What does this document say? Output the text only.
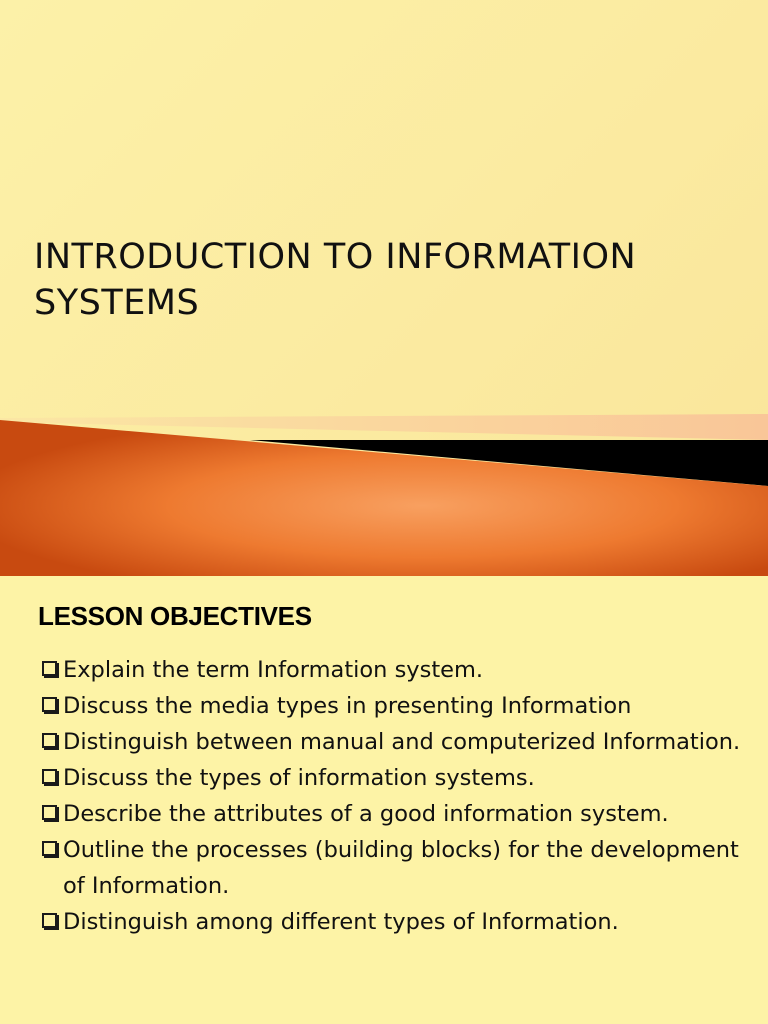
INTRODUCTION TO INFORMATION
SYSTEMS
LESSON OBJECTIVES
Explain the term Information system.
Discuss the media types in presenting Information
Distinguish between manual and computerized Information.
Discuss the types of information systems.
Describe the attributes of a good information system.
Outline the processes (building blocks) for the development of Information.
Distinguish among different types of Information.
